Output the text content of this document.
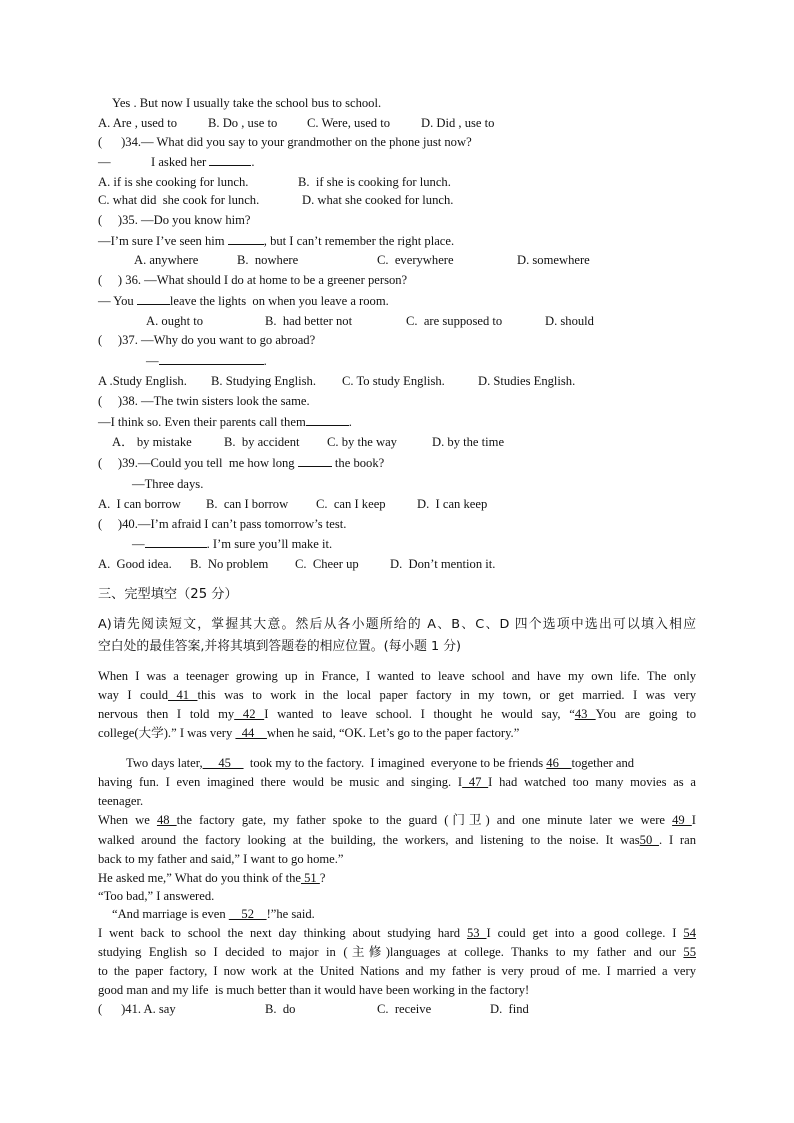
Yes . But now I usually take the school bus to school.
A. Are , used to B. Do , use to C. Were, used to D. Did , use to
(      )34.— What did you say to your grandmother on the phone just now?
—	I asked her	.
A. if is she cooking for lunch.	B.  if she is cooking for lunch.
C. what did  she cook for lunch.	D. what she cooked for lunch.
(     )35. —Do you know him?
—I’m sure I’ve seen him	, but I can’t remember the right place.
A. anywhere	B.  nowhere	C.  everywhere	D. somewhere
(     ) 36. —What should I do at home to be a greener person?
— You	leave the lights  on when you leave a room.
A. ought to	B.  had better not	C.  are supposed to	D. should
(     )37. —Why do you want to go abroad?
—	.
A .Study English. B. Studying English. C. To study English.	D. Studies English.
(     )38. —The twin sisters look the same.
—I think so. Even their parents call them	.
A． by mistake	B.  by accident C. by the way	D. by the time
(     )39.—Could you tell  me how long	the book?
—Three days.
A.  I can borrow B.  can I borrow C.  can I keep D.  I can keep
(     )40.—I’m afraid I can’t pass tomorrow’s test.
—	. I’m sure you’ll make it.
A.  Good idea. B.  No problem C.  Cheer up D.  Don’t mention it.
三、完型填空（25 分）
A)请先阅读短文，掌握其大意。然后从各小题所给的 A、B、C、D 四个选项中选出可以填入相应
空白处的最佳答案,并将其填到答题卷的相应位置。(每小题 1 分)
When I was a teenager growing up in France, I wanted to leave school and have my own life. The only
way I could 41 this was to work in the local paper factory in my town, or get married. I was very
nervous then I told my 42 I wanted to leave school. I thought he would say, “43 You are going to
college(大学).” I was very   44    when he said, “OK. Let’s go to the paper factory.”
Two days later,     45      took my to the factory.  I imagined  everyone to be friends 46    together and
having fun. I even imagined there would be music and singing. I 47 I had watched too many movies as a
teenager.
When we 48 the factory gate, my father spoke to the guard (门卫) and one minute later we were 49 I
walked around the factory looking at the building, the workers, and listening to the noise. It was50 . I ran
back to my father and said,” I want to go home.”
He asked me,” What do you think of the 51 ?
“Too bad,” I answered.
“And marriage is even     52    !”he said.
I went back to school the next day thinking about studying hard 53 I could get into a good college. I 54
studying English so I decided to major in (主修)languages at college. Thanks to my father and our 55
to the paper factory, I now work at the United Nations and my father is very proud of me. I married a very
good man and my life  is much better than it would have been working in the factory!
(      )41. A. say	B.  do	C.  receive	D.  find
